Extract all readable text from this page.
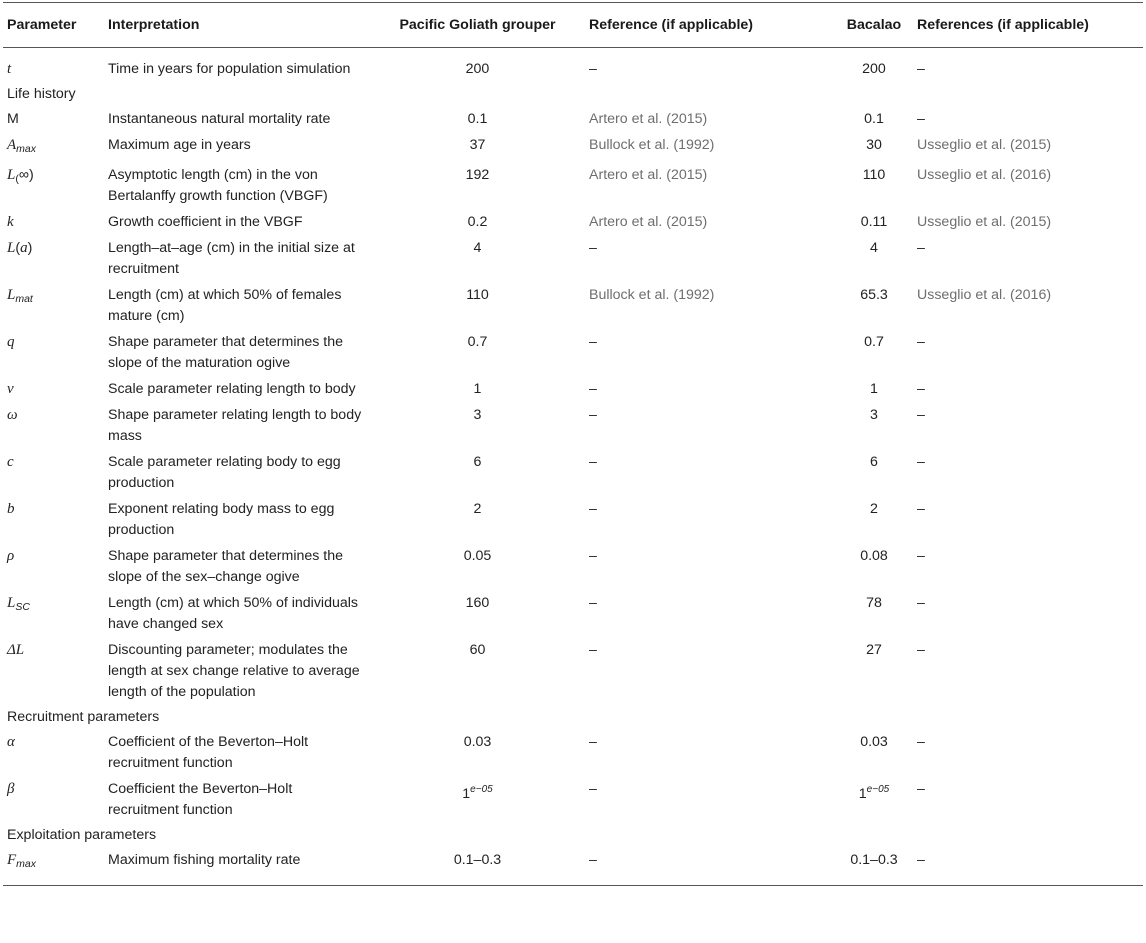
Parameter	Interpretation	Pacific Goliath grouper	Reference (if applicable)	Bacalao	References (if applicable)
t	Time in years for population simulation	200	–	200	–
Life history					
M	Instantaneous natural mortality rate	0.1	Artero et al. (2015)	0.1	–
$A_{max}$	Maximum age in years	37	Bullock et al. (1992)	30	Usseglio et al. (2015)
$L_(\infty$)	Asymptotic length (cm) in the von Bertalanffy growth function (VBGF)	192	Artero et al. (2015)	110	Usseglio et al. (2016)
k	Growth coefficient in the VBGF	0.2	Artero et al. (2015)	0.11	Usseglio et al. (2015)
L(a)	Length–at–age (cm) in the initial size at recruitment	4	–	4	–
$L_{mat}$	Length (cm) at which 50% of females mature (cm)	110	Bullock et al. (1992)	65.3	Usseglio et al. (2016)
q	Shape parameter that determines the slope of the maturation ogive	0.7	–	0.7	–
ν	Scale parameter relating length to body	1	–	1	–
ω	Shape parameter relating length to body mass	3	–	3	–
c	Scale parameter relating body to egg production	6	–	6	–
b	Exponent relating body mass to egg production	2	–	2	–
ρ	Shape parameter that determines the slope of the sex–change ogive	0.05	–	0.08	–
$L_{SC}$	Length (cm) at which 50% of individuals have changed sex	160	–	78	–
ΔL	Discounting parameter; modulates the length at sex change relative to average length of the population	60	–	27	–
Recruitment parameters					
α	Coefficient of the Beverton–Holt recruitment function	0.03	–	0.03	–
β	Coefficient the Beverton–Holt recruitment function	$1^{e-05}$	–	$1^{e-05}$	–
Exploitation parameters					
$F_{max}$	Maximum fishing mortality rate	0.1–0.3	–	0.1–0.3	–
